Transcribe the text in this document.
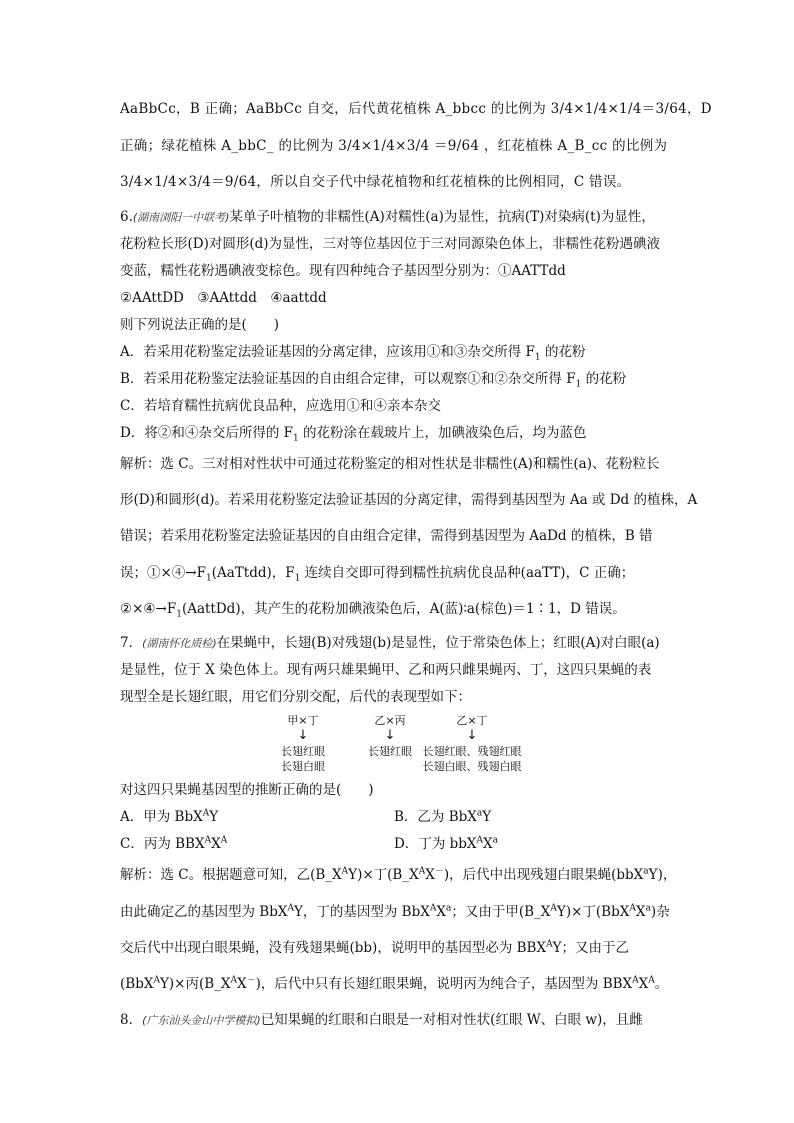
AaBbCc，B 正确；AaBbCc 自交，后代黄花植株 A_bbcc 的比例为 3/4×1/4×1/4＝3/64，D
正确；绿花植株 A_bbC_ 的比例为 3/4×1/4×3/4 ＝9/64 ，红花植株 A_B_cc 的比例为
3/4×1/4×3/4＝9/64，所以自交子代中绿花植物和红花植株的比例相同，C 错误。
6.(湖南浏阳一中联考)某单子叶植物的非糯性(A)对糯性(a)为显性，抗病(T)对染病(t)为显性，
花粉粒长形(D)对圆形(d)为显性，三对等位基因位于三对同源染色体上，非糯性花粉遇碘液
变蓝，糯性花粉遇碘液变棕色。现有四种纯合子基因型分别为：①AATTdd
②AAttDD　③AAttdd　④aattdd
则下列说法正确的是(　　)
A．若采用花粉鉴定法验证基因的分离定律，应该用①和③杂交所得 $F_1$ 的花粉
B．若采用花粉鉴定法验证基因的自由组合定律，可以观察①和②杂交所得 $F_1$ 的花粉
C．若培育糯性抗病优良品种，应选用①和④亲本杂交
D．将②和④杂交后所得的 $F_1$ 的花粉涂在载玻片上，加碘液染色后，均为蓝色
解析：选 C。三对相对性状中可通过花粉鉴定的相对性状是非糯性(A)和糯性(a)、花粉粒长
形(D)和圆形(d)。若采用花粉鉴定法验证基因的分离定律，需得到基因型为 Aa 或 Dd 的植株，A
错误；若采用花粉鉴定法验证基因的自由组合定律，需得到基因型为 AaDd 的植株，B 错
误；$①\times ④\to F_1(AaTtdd)$，$F_1$ 连续自交即可得到糯性抗病优良品种(aaTT)，C 正确；
$②\times ④\to F_1(AattDd)$，其产生的花粉加碘液染色后，A(蓝)∶a(棕色)＝1∶1，D 错误。
7．(湖南怀化质检)在果蝇中，长翅(B)对残翅(b)是显性，位于常染色体上；红眼(A)对白眼(a)
是显性，位于 X 染色体上。现有两只雄果蝇甲、乙和两只雌果蝇丙、丁，这四只果蝇的表
现型全是长翅红眼，用它们分别交配，后代的表现型如下：
甲×丁
↓
长翅红眼
长翅白眼
乙×丙
↓
长翅红眼
乙×丁
↓
长翅红眼、残翅红眼
长翅白眼、残翅白眼
对这四只果蝇基因型的推断正确的是(　　)
A．甲为 BbX$^A$Y	B．乙为 BbX$^a$Y
C．丙为 $BBX^AX^A$	D．丁为 $bbX^AX^a$
解析：选 C。根据题意可知，乙$(B\_X^AY)\times$丁$(B\_X^AX^-)$，后代中出现残翅白眼果蝇(bbX$^a$Y)，
由此确定乙的基因型为 BbX$^A$Y，丁的基因型为 $BbX^AX^a$；又由于甲$(B\_X^AY)\times$丁$(BbX^AX^a)$杂
交后代中出现白眼果蝇，没有残翅果蝇(bb)，说明甲的基因型必为 $BBX^AY$；又由于乙
(BbX$^A$Y)×丙$(B\_X^AX^-)$，后代中只有长翅红眼果蝇，说明丙为纯合子，基因型为 $BBX^AX^A$。
8．(广东汕头金山中学模拟)已知果蝇的红眼和白眼是一对相对性状(红眼 W、白眼 w)，且雌
